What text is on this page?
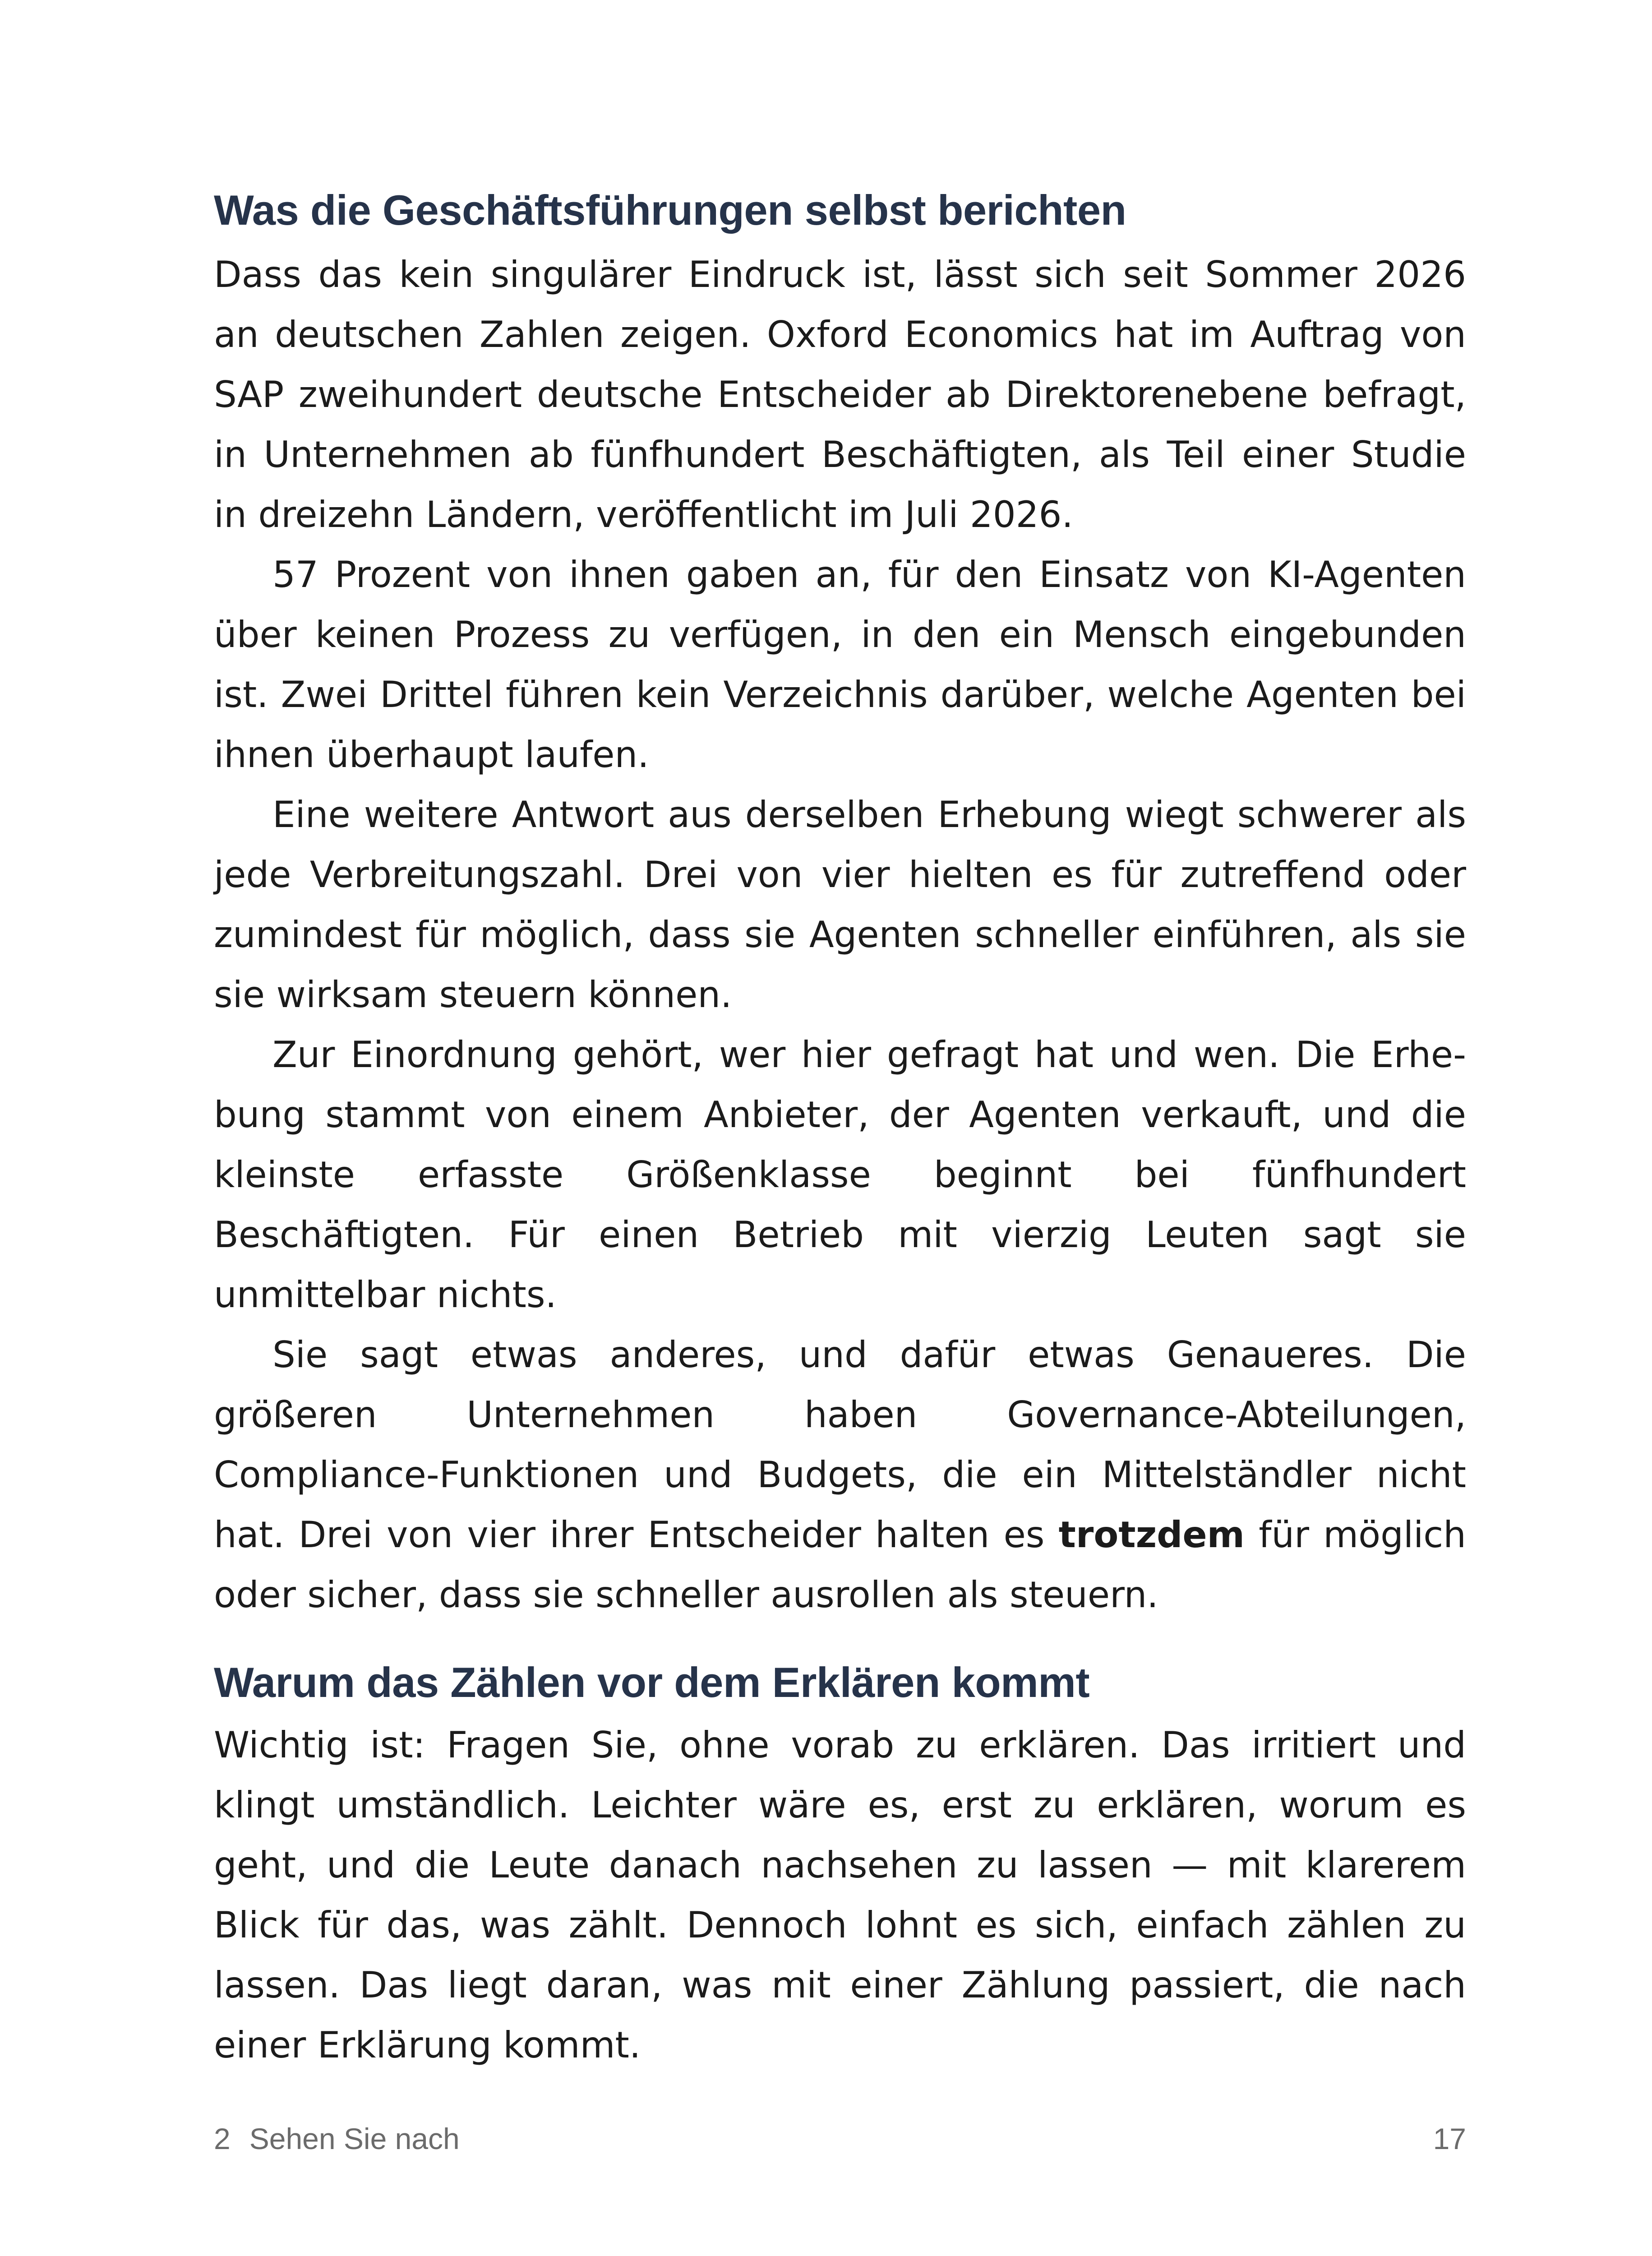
Was die Geschäftsführungen selbst berichten

Dass das kein singulärer Eindruck ist, lässt sich seit Sommer 2026 an deutschen Zahlen zeigen. Oxford Economics hat im Auftrag von SAP zweihundert deutsche Entscheider ab Direktorenebene befragt, in Unternehmen ab fünfhundert Beschäftigten, als Teil einer Studie in dreizehn Ländern, veröffentlicht im Juli 2026.

57 Prozent von ihnen gaben an, für den Einsatz von KI-Agenten über keinen Prozess zu verfügen, in den ein Mensch eingebunden ist. Zwei Drittel führen kein Verzeichnis darüber, welche Agenten bei ihnen überhaupt laufen.

Eine weitere Antwort aus derselben Erhebung wiegt schwerer als jede Verbreitungszahl. Drei von vier hielten es für zutreffend oder zumindest für möglich, dass sie Agenten schneller einführen, als sie sie wirksam steuern können.

Zur Einordnung gehört, wer hier gefragt hat und wen. Die Erhebung stammt von einem Anbieter, der Agenten verkauft, und die kleinste erfasste Größenklasse beginnt bei fünfhundert Beschäftigten. Für einen Betrieb mit vierzig Leuten sagt sie unmittelbar nichts.

Sie sagt etwas anderes, und dafür etwas Genaueres. Die größeren Unternehmen haben Governance-Abteilungen, Compliance-Funktionen und Budgets, die ein Mittelständler nicht hat. Drei von vier ihrer Entscheider halten es trotzdem für möglich oder sicher, dass sie schneller ausrollen als steuern.

Warum das Zählen vor dem Erklären kommt

Wichtig ist: Fragen Sie, ohne vorab zu erklären. Das irritiert und klingt umständlich. Leichter wäre es, erst zu erklären, worum es geht, und die Leute danach nachsehen zu lassen — mit klarerem Blick für das, was zählt. Dennoch lohnt es sich, einfach zählen zu lassen. Das liegt daran, was mit einer Zählung passiert, die nach einer Erklärung kommt.

2 Sehen Sie nach	17
